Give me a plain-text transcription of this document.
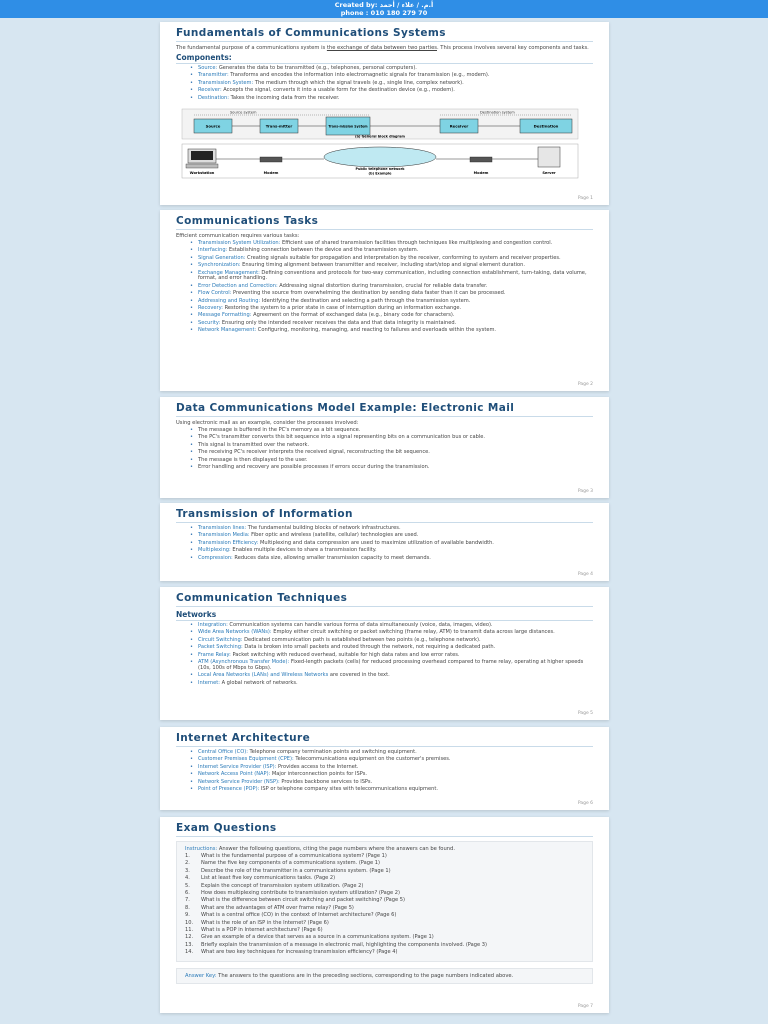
Created by: أ.م. / علاء / أحمد
phone : 010 180 279 70
Fundamentals of Communications Systems
The fundamental purpose of a communications system is the exchange of data between two parties. This process involves several key components and tasks.
Components:
• Source: Generates the data to be transmitted (e.g., telephones, personal computers).
• Transmitter: Transforms and encodes the information into electromagnetic signals for transmission (e.g., modem).
• Transmission System: The medium through which the signal travels (e.g., single line, complex network).
• Receiver: Accepts the signal, converts it into a usable form for the destination device (e.g., modem).
• Destination: Takes the incoming data from the receiver.
Source system	Destination system
Source	Trans-mitter	Trans-mission System	Receiver	Destination
(a) General block diagram
Workstation	Modem
Public telephone network
(b) Example	Modem	Server
Page 1
Communications Tasks
Efficient communication requires various tasks:
• Transmission System Utilization: Efficient use of shared transmission facilities through techniques like multiplexing and congestion control.
• Interfacing: Establishing connection between the device and the transmission system.
• Signal Generation: Creating signals suitable for propagation and interpretation by the receiver, conforming to system and receiver properties.
• Synchronization: Ensuring timing alignment between transmitter and receiver, including start/stop and signal element duration.
• Exchange Management: Defining conventions and protocols for two-way communication, including connection establishment, turn-taking, data volume, format, and error handling.
• Error Detection and Correction: Addressing signal distortion during transmission, crucial for reliable data transfer.
• Flow Control: Preventing the source from overwhelming the destination by sending data faster than it can be processed.
• Addressing and Routing: Identifying the destination and selecting a path through the transmission system.
• Recovery: Restoring the system to a prior state in case of interruption during an information exchange.
• Message Formatting: Agreement on the format of exchanged data (e.g., binary code for characters).
• Security: Ensuring only the intended receiver receives the data and that data integrity is maintained.
• Network Management: Configuring, monitoring, managing, and reacting to failures and overloads within the system.
Page 2
Data Communications Model Example: Electronic Mail
Using electronic mail as an example, consider the processes involved:
• The message is buffered in the PC's memory as a bit sequence.
• The PC's transmitter converts this bit sequence into a signal representing bits on a communication bus or cable.
• This signal is transmitted over the network.
• The receiving PC's receiver interprets the received signal, reconstructing the bit sequence.
• The message is then displayed to the user.
• Error handling and recovery are possible processes if errors occur during the transmission.
Page 3
Transmission of Information
• Transmission lines: The fundamental building blocks of network infrastructures.
• Transmission Media: Fiber optic and wireless (satellite, cellular) technologies are used.
• Transmission Efficiency: Multiplexing and data compression are used to maximize utilization of available bandwidth.
• Multiplexing: Enables multiple devices to share a transmission facility.
• Compression: Reduces data size, allowing smaller transmission capacity to meet demands.
Page 4
Communication Techniques
Networks
• Integration: Communication systems can handle various forms of data simultaneously (voice, data, images, video).
• Wide Area Networks (WANs): Employ either circuit switching or packet switching (frame relay, ATM) to transmit data across large distances.
• Circuit Switching: Dedicated communication path is established between two points (e.g., telephone network).
• Packet Switching: Data is broken into small packets and routed through the network, not requiring a dedicated path.
• Frame Relay: Packet switching with reduced overhead, suitable for high data rates and low error rates.
• ATM (Asynchronous Transfer Mode): Fixed-length packets (cells) for reduced processing overhead compared to frame relay, operating at higher speeds (10s, 100s of Mbps to Gbps).
• Local Area Networks (LANs) and Wireless Networks are covered in the text.
• Internet: A global network of networks.
Page 5
Internet Architecture
• Central Office (CO): Telephone company termination points and switching equipment.
• Customer Premises Equipment (CPE): Telecommunications equipment on the customer's premises.
• Internet Service Provider (ISP): Provides access to the Internet.
• Network Access Point (NAP): Major interconnection points for ISPs.
• Network Service Provider (NSP): Provides backbone services to ISPs.
• Point of Presence (POP): ISP or telephone company sites with telecommunications equipment.
Page 6
Exam Questions
Instructions: Answer the following questions, citing the page numbers where the answers can be found.
1.	What is the fundamental purpose of a communications system? (Page 1)
2.	Name the five key components of a communications system. (Page 1)
3.	Describe the role of the transmitter in a communications system. (Page 1)
4.	List at least five key communications tasks. (Page 2)
5.	Explain the concept of transmission system utilization. (Page 2)
6.	How does multiplexing contribute to transmission system utilization? (Page 2)
7.	What is the difference between circuit switching and packet switching? (Page 5)
8.	What are the advantages of ATM over frame relay? (Page 5)
9.	What is a central office (CO) in the context of Internet architecture? (Page 6)
10.	What is the role of an ISP in the Internet? (Page 6)
11.	What is a POP in Internet architecture? (Page 6)
12.	Give an example of a device that serves as a source in a communications system. (Page 1)
13.	Briefly explain the transmission of a message in electronic mail, highlighting the components involved. (Page 3)
14.	What are two key techniques for increasing transmission efficiency? (Page 4)
Answer Key: The answers to the questions are in the preceding sections, corresponding to the page numbers indicated above.
Page 7
